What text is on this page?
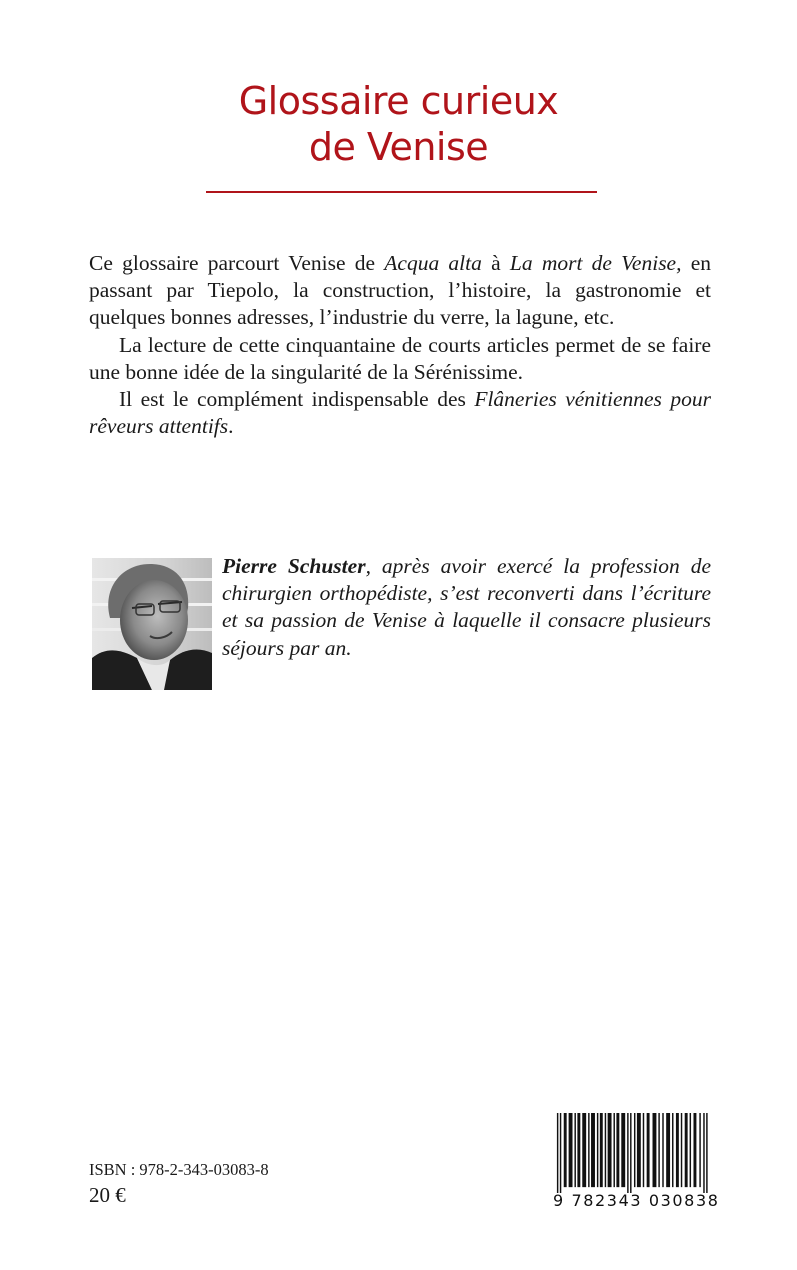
Glossaire curieux
de Venise

Ce glossaire parcourt Venise de Acqua alta à La mort de Venise, en passant par Tiepolo, la construction, l’histoire, la gastronomie et quelques bonnes adresses, l’industrie du verre, la lagune, etc.

La lecture de cette cinquantaine de courts articles permet de se faire une bonne idée de la singularité de la Sérénissime.

Il est le complément indispensable des Flâneries vénitiennes pour rêveurs attentifs.

Pierre Schuster, après avoir exercé la profession de chirurgien orthopédiste, s’est reconverti dans l’écriture et sa passion de Venise à laquelle il consacre plusieurs séjours par an.

ISBN : 978-2-343-03083-8
20 €	9 782343 030838
